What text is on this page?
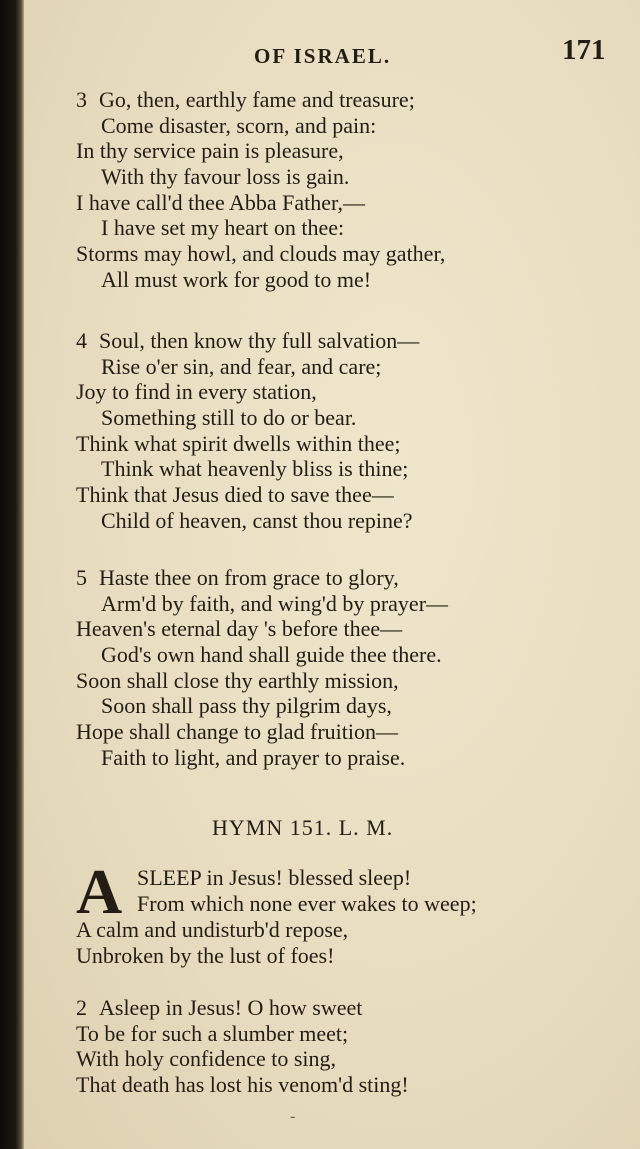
OF ISRAEL.	171
3 Go, then, earthly fame and treasure;
Come disaster, scorn, and pain:
In thy service pain is pleasure,
With thy favour loss is gain.
I have call'd thee Abba Father,—
I have set my heart on thee:
Storms may howl, and clouds may gather,
All must work for good to me!
4 Soul, then know thy full salvation—
Rise o'er sin, and fear, and care;
Joy to find in every station,
Something still to do or bear.
Think what spirit dwells within thee;
Think what heavenly bliss is thine;
Think that Jesus died to save thee—
Child of heaven, canst thou repine?
5 Haste thee on from grace to glory,
Arm'd by faith, and wing'd by prayer—
Heaven's eternal day 's before thee—
God's own hand shall guide thee there.
Soon shall close thy earthly mission,
Soon shall pass thy pilgrim days,
Hope shall change to glad fruition—
Faith to light, and prayer to praise.
HYMN 151. L. M.
A SLEEP in Jesus! blessed sleep!
From which none ever wakes to weep;
A calm and undisturb'd repose,
Unbroken by the lust of foes!
2 Asleep in Jesus! O how sweet
To be for such a slumber meet;
With holy confidence to sing,
That death has lost his venom'd sting!
-
